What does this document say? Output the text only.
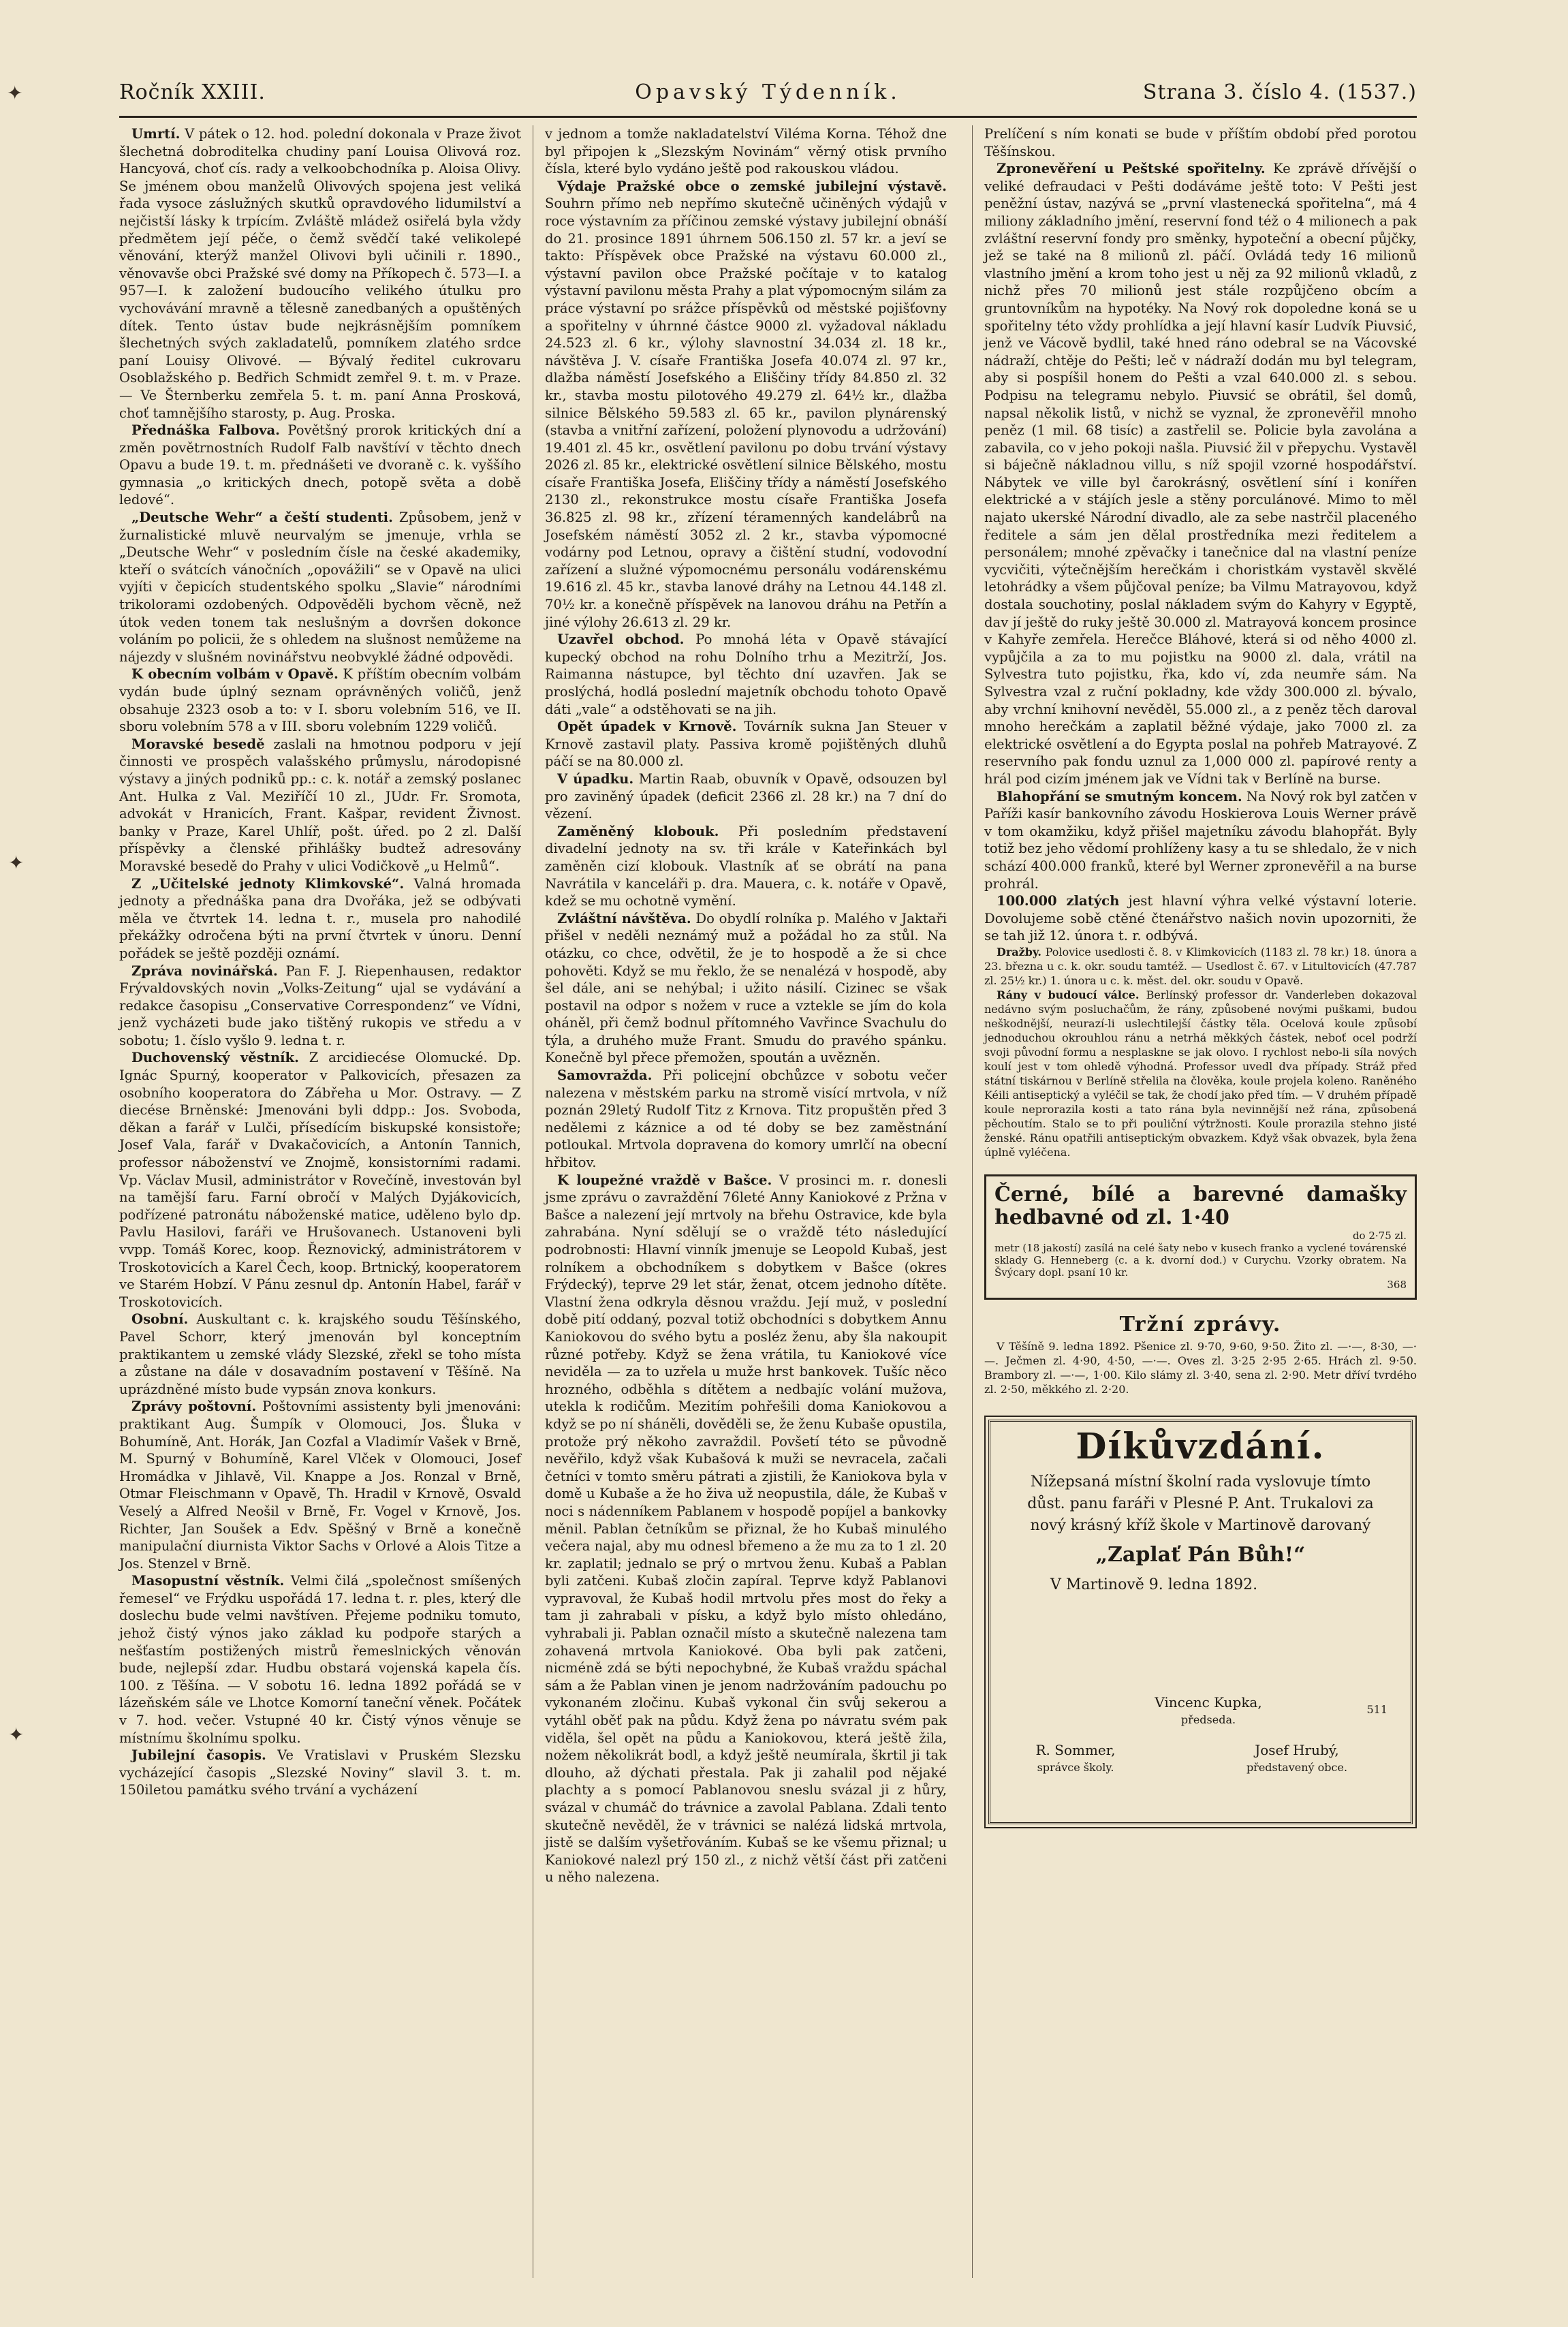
✦
✦
✦
Ročník XXIII.	Opavský Týdenník.	Strana 3. číslo 4. (1537.)

Umrtí. V pátek o 12. hod. polední dokonala v Praze život šlechetná dobroditelka chudiny paní Louisa Olivová roz. Hancyová, choť cís. rady a velkoobchodníka p. Aloisa Olivy. Se jménem obou manželů Olivových spojena jest veliká řada vysoce záslužných skutků opravdového lidumilství a nejčistší lásky k trpícím. Zvláště mládež osiřelá byla vždy předmětem její péče, o čemž svědčí také velikolepé věnování, kterýž manžel Olivovi byli učinili r. 1890., věnovavše obci Pražské své domy na Příkopech č. 573—I. a 957—I. k založení budoucího velikého útulku pro vychovávání mravně a tělesně zanedbaných a opuštěných dítek. Tento ústav bude nejkrásnějším pomníkem šlechetných svých zakladatelů, pomníkem zlatého srdce paní Louisy Olivové. — Bývalý ředitel cukrovaru Osoblažského p. Bedřich Schmidt zemřel 9. t. m. v Praze. — Ve Šternberku zemřela 5. t. m. paní Anna Prosková, choť tamnějšího starosty, p. Aug. Proska.

Přednáška Falbova. Povětšný prorok kritických dní a změn povětrnostních Rudolf Falb navštíví v těchto dnech Opavu a bude 19. t. m. přednášeti ve dvoraně c. k. vyššího gymnasia „o kritických dnech, potopě světa a době ledové“.

„Deutsche Wehr“ a čeští studenti. Způsobem, jenž v žurnalistické mluvě neurvalým se jmenuje, vrhla se „Deutsche Wehr“ v posledním čísle na české akademiky, kteří o svátcích vánočních „opovážili“ se v Opavě na ulici vyjíti v čepicích studentského spolku „Slavie“ národními trikolorami ozdobených. Odpověděli bychom věcně, než útok veden tonem tak neslušným a dovršen dokonce voláním po policii, že s ohledem na slušnost nemůžeme na nájezdy v slušném novinářstvu neobvyklé žádné odpovědi.

K obecním volbám v Opavě. K příštím obecním volbám vydán bude úplný seznam oprávněných voličů, jenž obsahuje 2323 osob a to: v I. sboru volebním 516, ve II. sboru volebním 578 a v III. sboru volebním 1229 voličů.

Moravské besedě zaslali na hmotnou podporu v její činnosti ve prospěch valašského průmyslu, národopisné výstavy a jiných podniků pp.: c. k. notář a zemský poslanec Ant. Hulka z Val. Meziříčí 10 zl., JUdr. Fr. Sromota, advokát v Hranicích, Frant. Kašpar, revident Živnost. banky v Praze, Karel Uhlíř, pošt. úřed. po 2 zl. Další příspěvky a členské přihlášky budtež adresovány Moravské besedě do Prahy v ulici Vodičkově „u Helmů“.

Z „Učitelské jednoty Klimkovské“. Valná hromada jednoty a přednáška pana dra Dvořáka, jež se odbývati měla ve čtvrtek 14. ledna t. r., musela pro nahodilé překážky odročena býti na první čtvrtek v únoru. Denní pořádek se ještě později oznámí.

Zpráva novinářská. Pan F. J. Riepenhausen, redaktor Frývaldovských novin „Volks-Zeitung“ ujal se vydávání a redakce časopisu „Conservative Correspondenz“ ve Vídni, jenž vycházeti bude jako tištěný rukopis ve středu a v sobotu; 1. číslo vyšlo 9. ledna t. r.

Duchovenský věstník. Z arcidiecése Olomucké. Dp. Ignác Spurný, kooperator v Palkovicích, přesazen za osobního kooperatora do Zábřeha u Mor. Ostravy. — Z diecése Brněnské: Jmenováni byli ddpp.: Jos. Svoboda, děkan a farář v Lulči, přísedícím biskupské konsistoře; Josef Vala, farář v Dvakačovicích, a Antonín Tannich, professor náboženství ve Znojmě, konsistorními radami. Vp. Václav Musil, administrátor v Rovečíně, investován byl na tamější faru. Farní obročí v Malých Dyjákovicích, podřízené patronátu náboženské matice, uděleno bylo dp. Pavlu Hasilovi, faráři ve Hrušovanech. Ustanoveni byli vvpp. Tomáš Korec, koop. Řeznovický, administrátorem v Troskotovicích a Karel Čech, koop. Brtnický, kooperatorem ve Starém Hobzí. V Pánu zesnul dp. Antonín Habel, farář v Troskotovicích.

Osobní. Auskultant c. k. krajského soudu Těšínského, Pavel Schorr, který jmenován byl konceptním praktikantem u zemské vlády Slezské, zřekl se toho místa a zůstane na dále v dosavadním postavení v Těšíně. Na uprázdněné místo bude vypsán znova konkurs.

Zprávy poštovní. Poštovními assistenty byli jmenováni: praktikant Aug. Šumpík v Olomouci, Jos. Šluka v Bohumíně, Ant. Horák, Jan Cozfal a Vladimír Vašek v Brně, M. Spurný v Bohumíně, Karel Vlček v Olomouci, Josef Hromádka v Jihlavě, Vil. Knappe a Jos. Ronzal v Brně, Otmar Fleischmann v Opavě, Th. Hradil v Krnově, Osvald Veselý a Alfred Neošil v Brně, Fr. Vogel v Krnově, Jos. Richter, Jan Soušek a Edv. Spěšný v Brně a konečně manipulační diurnista Viktor Sachs v Orlové a Alois Titze a Jos. Stenzel v Brně.

Masopustní věstník. Velmi čilá „společnost smíšených řemesel“ ve Frýdku uspořádá 17. ledna t. r. ples, který dle doslechu bude velmi navštíven. Přejeme podniku tomuto, jehož čistý výnos jako základ ku podpoře starých a nešťastím postižených mistrů řemeslnických věnován bude, nejlepší zdar. Hudbu obstará vojenská kapela čís. 100. z Těšína. — V sobotu 16. ledna 1892 pořádá se v lázeňském sále ve Lhotce Komorní taneční věnek. Počátek v 7. hod. večer. Vstupné 40 kr. Čistý výnos věnuje se místnímu školnímu spolku.

Jubilejní časopis. Ve Vratislavi v Pruském Slezsku vycházející časopis „Slezské Noviny“ slavil 3. t. m. 150iletou památku svého trvání a vycházení

v jednom a tomže nakladatelství Vilémа Korna. Téhož dne byl připojen k „Slezským Novinám“ věrný otisk prvního čísla, které bylo vydáno ještě pod rakouskou vládou.

Výdaje Pražské obce o zemské jubilejní výstavě. Souhrn přímo neb nepřímo skutečně učiněných výdajů v roce výstavním za příčinou zemské výstavy jubilejní obnáší do 21. prosince 1891 úhrnem 506.150 zl. 57 kr. a jeví se takto: Příspěvek obce Pražské na výstavu 60.000 zl., výstavní pavilon obce Pražské počítaje v to katalog výstavní pavilonu města Prahy a plat výpomocným silám za práce výstavní po srážce příspěvků od městské pojišťovny a spořitelny v úhrnné částce 9000 zl. vyžadoval nákladu 24.523 zl. 6 kr., výlohy slavnostní 34.034 zl. 18 kr., návštěva J. V. císaře Františka Josefa 40.074 zl. 97 kr., dlažba náměstí Josefského a Eliščiny třídy 84.850 zl. 32 kr., stavba mostu pilotového 49.279 zl. 64½ kr., dlažba silnice Bělského 59.583 zl. 65 kr., pavilon plynárenský (stavba a vnitřní zařízení, položení plynovodu a udržování) 19.401 zl. 45 kr., osvětlení pavilonu po dobu trvání výstavy 2026 zl. 85 kr., elektrické osvětlení silnice Bělského, mostu císaře Františka Josefa, Eliščiny třídy a náměstí Josefského 2130 zl., rekonstrukce mostu císaře Františka Josefa 36.825 zl. 98 kr., zřízení téramenných kandelábrů na Josefském náměstí 3052 zl. 2 kr., stavba výpomocné vodárny pod Letnou, opravy a čištění studní, vodovodní zařízení a služné výpomocnému personálu vodárenskému 19.616 zl. 45 kr., stavba lanové dráhy na Letnou 44.148 zl. 70½ kr. a konečně příspěvek na lanovou dráhu na Petřín a jiné výlohy 26.613 zl. 29 kr.

Uzavřel obchod. Po mnohá léta v Opavě stávající kupecký obchod na rohu Dolního trhu a Mezitrží, Jos. Raimanna nástupce, byl těchto dní uzavřen. Jak se proslýchá, hodlá poslední majetník obchodu tohoto Opavě dáti „vale“ a odstěhovati se na jih.

Opět úpadek v Krnově. Továrník sukna Jan Steuer v Krnově zastavil platy. Passiva kromě pojištěných dluhů páčí se na 80.000 zl.

V úpadku. Martin Raab, obuvník v Opavě, odsouzen byl pro zaviněný úpadek (deficit 2366 zl. 28 kr.) na 7 dní do vězení.

Zaměněný klobouk. Při posledním představení divadelní jednoty na sv. tři krále v Kateřinkách byl zaměněn cizí klobouk. Vlastník ať se obrátí na pana Navrátila v kanceláři p. dra. Mauera, c. k. notáře v Opavě, kdež se mu ochotně vymění.

Zvláštní návštěva. Do obydlí rolníka p. Maléhо v Jaktaři přišel v neděli neznámý muž a požádal ho za stůl. Na otázku, co chce, odvětil, že je to hospodě a že si chce pohověti. Když se mu řeklo, že se nenalézá v hospodě, aby šel dále, ani se nehýbal; i užito násilí. Cizinec se však postavil na odpor s nožem v ruce a vztekle se jím do kola oháněl, při čemž bodnul přítomného Vavřince Svachulu do týla, a druhého muže Frant. Smudu do pravého spánku. Konečně byl přece přemožen, spoután a uvězněn.

Samovražda. Při policejní obchůzce v sobotu večer nalezena v městském parku na stromě visící mrtvola, v níž poznán 29letý Rudolf Titz z Krnova. Titz propuštěn před 3 nedělemi z káznice a od té doby se bez zaměstnání potloukal. Mrtvola dopravena do komory umrlčí na obecní hřbitov.

K loupežné vraždě v Bašce. V prosinci m. r. donesli jsme zprávu o zavraždění 76leté Anny Kaniokové z Pržna v Bašce a nalezení její mrtvoly na břehu Ostravice, kde byla zahrabána. Nyní sdělují se o vraždě této následující podrobnosti: Hlavní vinník jmenuje se Leopold Kubaš, jest rolníkem a obchodníkem s dobytkem v Bašce (okres Frýdecký), teprve 29 let stár, ženat, otcem jednoho dítěte. Vlastní žena odkryla děsnou vraždu. Její muž, v poslední době pití oddaný, pozval totiž obchodníci s dobytkem Annu Kaniokovou do svého bytu a posléz ženu, aby šla nakoupit různé potřeby. Když se žena vrátila, tu Kaniokové více neviděla — za to uzřela u muže hrst bankovek. Tušíc něco hrozného, odběhla s dítětem a nedbajíc volání mužova, utekla k rodičům. Mezitím pohřešili doma Kaniokovou a když se po ní sháněli, dověděli se, že ženu Kubaše opustila, protože prý někoho zavraždil. Povšetí této se původně nevěřilo, když však Kubašová k muži se nevracela, začali četníci v tomto směru pátrati a zjistili, že Kaniokova byla v domě u Kubaše a že ho živa už neopustila, dále, že Kubaš v noci s nádenníkem Pablanem v hospodě popíjel a bankovky měnil. Pablan četníkům se přiznal, že ho Kubaš minulého večera najal, aby mu odnesl břemeno a že mu za to 1 zl. 20 kr. zaplatil; jednalo se prý o mrtvou ženu. Kubaš a Pablan byli zatčeni. Kubaš zločin zapíral. Teprve když Pablanovi vypravoval, že Kubaš hodil mrtvolu přes most do řeky a tam ji zahrabali v písku, a když bylo místo ohledáno, vyhrabali ji. Pablan označil místo a skutečně nalezena tam zohavená mrtvola Kaniokové. Oba byli pak zatčeni, nicméně zdá se býti nepochybné, že Kubaš vraždu spáchal sám a že Pablan vinen je jenom nadržováním padouchu po vykonaném zločinu. Kubaš vykonal čin svůj sekerou a vytáhl oběť pak na půdu. Když žena po návratu svém pak viděla, šel opět na půdu a Kaniokovou, která ještě žila, nožem několikrát bodl, a když ještě neumírala, škrtil ji tak dlouho, až dýchati přestala. Pak ji zahalil pod nějaké plachty a s pomocí Pablanovou sneslu svázal ji z hůry, svázal v chumáč do trávnice a zavolal Pablana. Zdali tento skutečně nevěděl, že v trávnici se nalézá lidská mrtvola, jistě se dalším vyšetřováním. Kubaš se ke všemu přiznal; u Kaniokové nalezl prý 150 zl., z nichž větší část při zatčeni u něho nalezena.

Prelíčení s ním konati se bude v příštím období před porotou Těšínskou.

Zpronevěření u Peštské spořitelny. Ke zprávě dřívější o veliké defraudaci v Pešti dodáváme ještě toto: V Pešti jest peněžní ústav, nazývá se „první vlastenecká spořitelna“, má 4 miliony základního jmění, reservní fond též o 4 milionech a pak zvláštní reservní fondy pro směnky, hypoteční a obecní půjčky, jež se také na 8 milionů zl. páčí. Ovládá tedy 16 milionů vlastního jmění a krom toho jest u něj za 92 milionů vkladů, z nichž přes 70 milionů jest stále rozpůjčeno obcím a gruntovníkům na hypotéky. Na Nový rok dopoledne koná se u spořitelny této vždy prohlídka a její hlavní kasír Ludvík Piuvsić, jenž ve Vácově bydlil, také hned ráno odebral se na Vácovské nádraží, chtěje do Pešti; leč v nádraží dodán mu byl telegram, aby si pospíšil honem do Pešti a vzal 640.000 zl. s sebou. Podpisu na telegramu nebylo. Piuvsić se obrátil, šel domů, napsal několik listů, v nichž se vyznal, že zpronevěřil mnoho peněz (1 mil. 68 tisíc) a zastřelil se. Policie byla zavolána a zabavila, co v jeho pokoji našla. Piuvsić žil v přepychu. Vystavěl si báječně nákladnou villu, s níž spojil vzorné hospodářství. Nábytek ve ville byl čarokrásný, osvětlení síní i konířen elektrické a v stájích jesle a stěny porculánové. Mimo to měl najato ukerské Národní divadlo, ale za sebe nastrčil placeného ředitele a sám jen dělal prostředníka mezi ředitelem a personálem; mnohé zpěvačky i tanečnice dal na vlastní peníze vycvičiti, výtečnějším herečkám i choristkám vystavěl skvělé letohrádky a všem půjčoval peníze; ba Vilmu Matrayovou, když dostala souchotiny, poslal nákladem svým do Kahyry v Egyptě, dav jí ještě do ruky ještě 30.000 zl. Matrayová koncem prosince v Kahyře zemřela. Herečce Bláhové, která si od něho 4000 zl. vypůjčila a za to mu pojistku na 9000 zl. dala, vrátil na Sylvestra tuto pojistku, řka, kdo ví, zda neumře sám. Na Sylvestra vzal z ruční pokladny, kde vždy 300.000 zl. bývalo, aby vrchní knihovní nevěděl, 55.000 zl., a z peněz těch daroval mnoho herečkám a zaplatil běžné výdaje, jako 7000 zl. za elektrické osvětlení a do Egypta poslal na pohřeb Matrayové. Z reservního pak fondu uznul za 1,000 000 zl. papírové renty a hrál pod cizím jménem jak ve Vídni tak v Berlíně na burse.

Blahopřání se smutným koncem. Na Nový rok byl zatčen v Paříži kasír bankovního závodu Hoskierova Louis Werner právě v tom okamžiku, když přišel majetníku závodu blahopřát. Byly totiž bez jeho vědomí prohlíženy kasy a tu se shledalo, že v nich schází 400.000 franků, které byl Werner zpronevěřil a na burse prohrál.

100.000 zlatých jest hlavní výhra velké výstavní loterie. Dovolujeme sobě ctěné čtenářstvo našich novin upozorniti, že se tah již 12. února t. r. odbývá.

Dražby. Polovice usedlosti č. 8. v Klimkovicích (1183 zl. 78 kr.) 18. února a 23. března u c. k. okr. soudu tamtéž. — Usedlost č. 67. v Litultovicích (47.787 zl. 25½ kr.) 1. února u c. k. měst. del. okr. soudu v Opavě.

Rány v budoucí válce. Berlínský professor dr. Vanderleben dokazoval nedávno svým posluchačům, že rány, způsobené novými puškami, budou neškodnější, neurazí-li uslechtilejší částky těla. Ocelová koule způsobí jednoduchou okrouhlou ránu a netrhá měkkých částek, neboť ocel podrží svoji původní formu a nesplaskne se jak olovo. I rychlost nebo-li síla nových koulí jest v tom ohledě výhodná. Professor uvedl dva případy. Stráž před státní tiskárnou v Berlíně střelila na člověka, koule projela kolenо. Raněného Kéili antiseptický a vyléčil se tak, že chodí jako před tím. — V druhém případě koule neprorazila kosti a tato rána byla nevinnější než rána, způsobená pěchoutím. Stalo se to při pouliční výtržnosti. Koule prorazila stehno jisté ženské. Ránu opatřili antiseptickým obvazkem. Když však obvazek, byla žena úplně vyléčena.

Černé, bílé a barevné damašky hedbavné od zl. 1·40
do 2·75 zl.
metr (18 jakostí) zasílá na celé šaty nebo v kusech franko a vyclené továrenské sklady G. Henneberg (c. a k. dvorní dod.) v Curychu. Vzorky obratem. Na Švýcary dopl. psaní 10 kr.
368
Tržní zprávy.

V Těšíně 9. ledna 1892. Pšenice zl. 9·70, 9·60, 9·50. Žito zl. —·—, 8·30, —·—. Ječmen zl. 4·90, 4·50, —·—. Oves zl. 3·25 2·95 2·65. Hrách zl. 9·50. Brambory zl. —·—, 1·00. Kilo slámy zl. 3·40, sena zl. 2·90. Metr dříví tvrdého zl. 2·50, měkkého zl. 2·20.

Díkůvzdání.
Nížepsaná místní školní rada vyslovuje tímto důst. panu faráři v Plesné P. Ant. Trukalovi za nový krásný kříž škole v Martinově darovaný
„Zaplať Pán Bůh!“
V Martinově 9. ledna 1892.
511
Vincenc Kupka,
předseda.
R. Sommer,
správce školy.
Josef Hrubý,
představený obce.
